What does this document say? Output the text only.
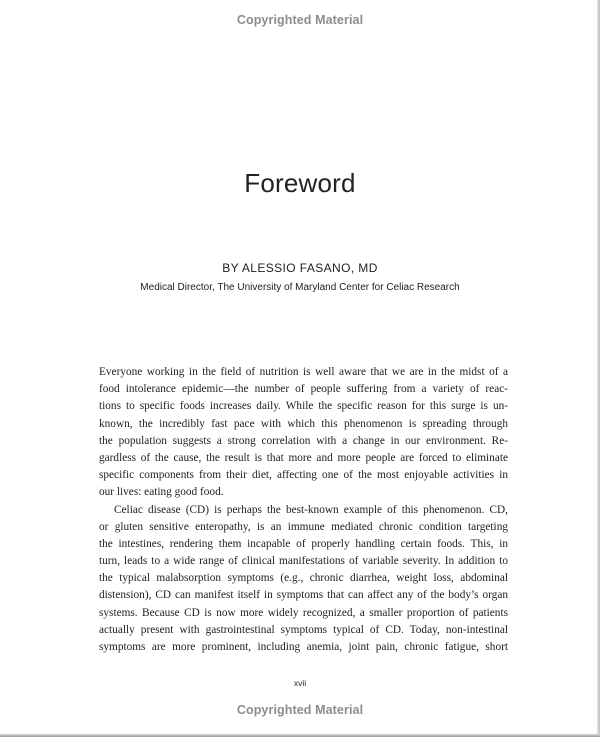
Copyrighted Material
Foreword
BY ALESSIO FASANO, MD
Medical Director, The University of Maryland Center for Celiac Research
Everyone working in the field of nutrition is well aware that we are in the midst of a
food intolerance epidemic—the number of people suffering from a variety of reac-
tions to specific foods increases daily. While the specific reason for this surge is un-
known, the incredibly fast pace with which this phenomenon is spreading through
the population suggests a strong correlation with a change in our environment. Re-
gardless of the cause, the result is that more and more people are forced to eliminate
specific components from their diet, affecting one of the most enjoyable activities in
our lives: eating good food.
Celiac disease (CD) is perhaps the best-known example of this phenomenon. CD,
or gluten sensitive enteropathy, is an immune mediated chronic condition targeting
the intestines, rendering them incapable of properly handling certain foods. This, in
turn, leads to a wide range of clinical manifestations of variable severity. In addition to
the typical malabsorption symptoms (e.g., chronic diarrhea, weight loss, abdominal
distension), CD can manifest itself in symptoms that can affect any of the body’s organ
systems. Because CD is now more widely recognized, a smaller proportion of patients
actually present with gastrointestinal symptoms typical of CD. Today, non-intestinal
symptoms are more prominent, including anemia, joint pain, chronic fatigue, short
xvii
Copyrighted Material
